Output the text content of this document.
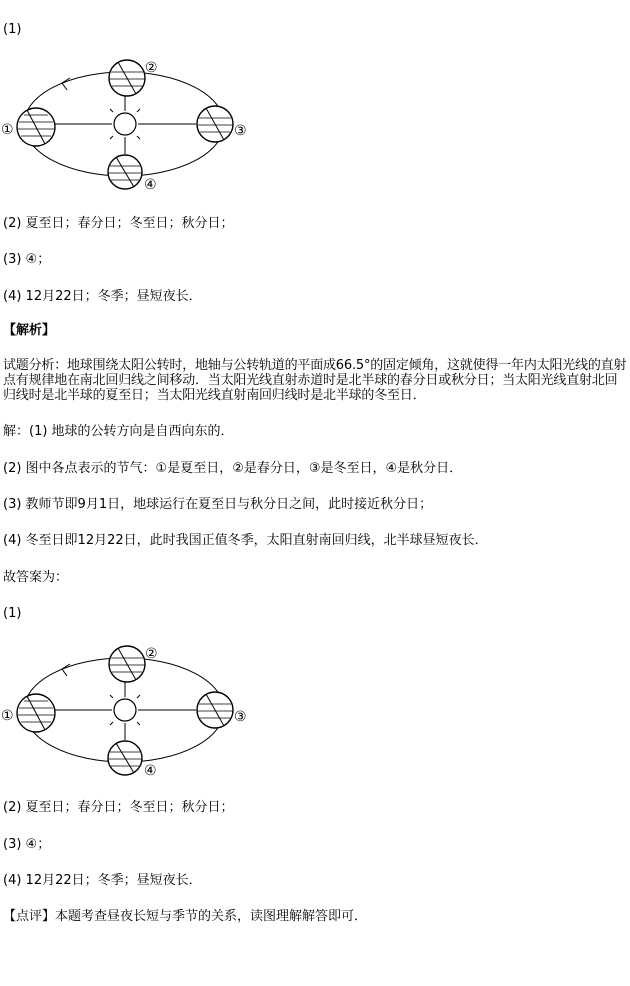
(1)
①
②
③
④
(2) 夏至日；春分日；冬至日；秋分日；
(3) ④；
(4) 12月22日；冬季；昼短夜长．
【解析】
试题分析：地球围绕太阳公转时，地轴与公转轨道的平面成66.5°的固定倾角，这就使得一年内太阳光线的直射点有规律地在南北回归线之间移动．当太阳光线直射赤道时是北半球的春分日或秋分日；当太阳光线直射北回归线时是北半球的夏至日；当太阳光线直射南回归线时是北半球的冬至日．
解：(1) 地球的公转方向是自西向东的．
(2) 图中各点表示的节气：①是夏至日，②是春分日，③是冬至日，④是秋分日．
(3) 教师节即9月1日，地球运行在夏至日与秋分日之间，此时接近秋分日；
(4) 冬至日即12月22日，此时我国正值冬季，太阳直射南回归线，北半球昼短夜长．
故答案为：
(1)
①
②
③
④
(2) 夏至日；春分日；冬至日；秋分日；
(3) ④；
(4) 12月22日；冬季；昼短夜长．
【点评】本题考查昼夜长短与季节的关系，读图理解解答即可．
